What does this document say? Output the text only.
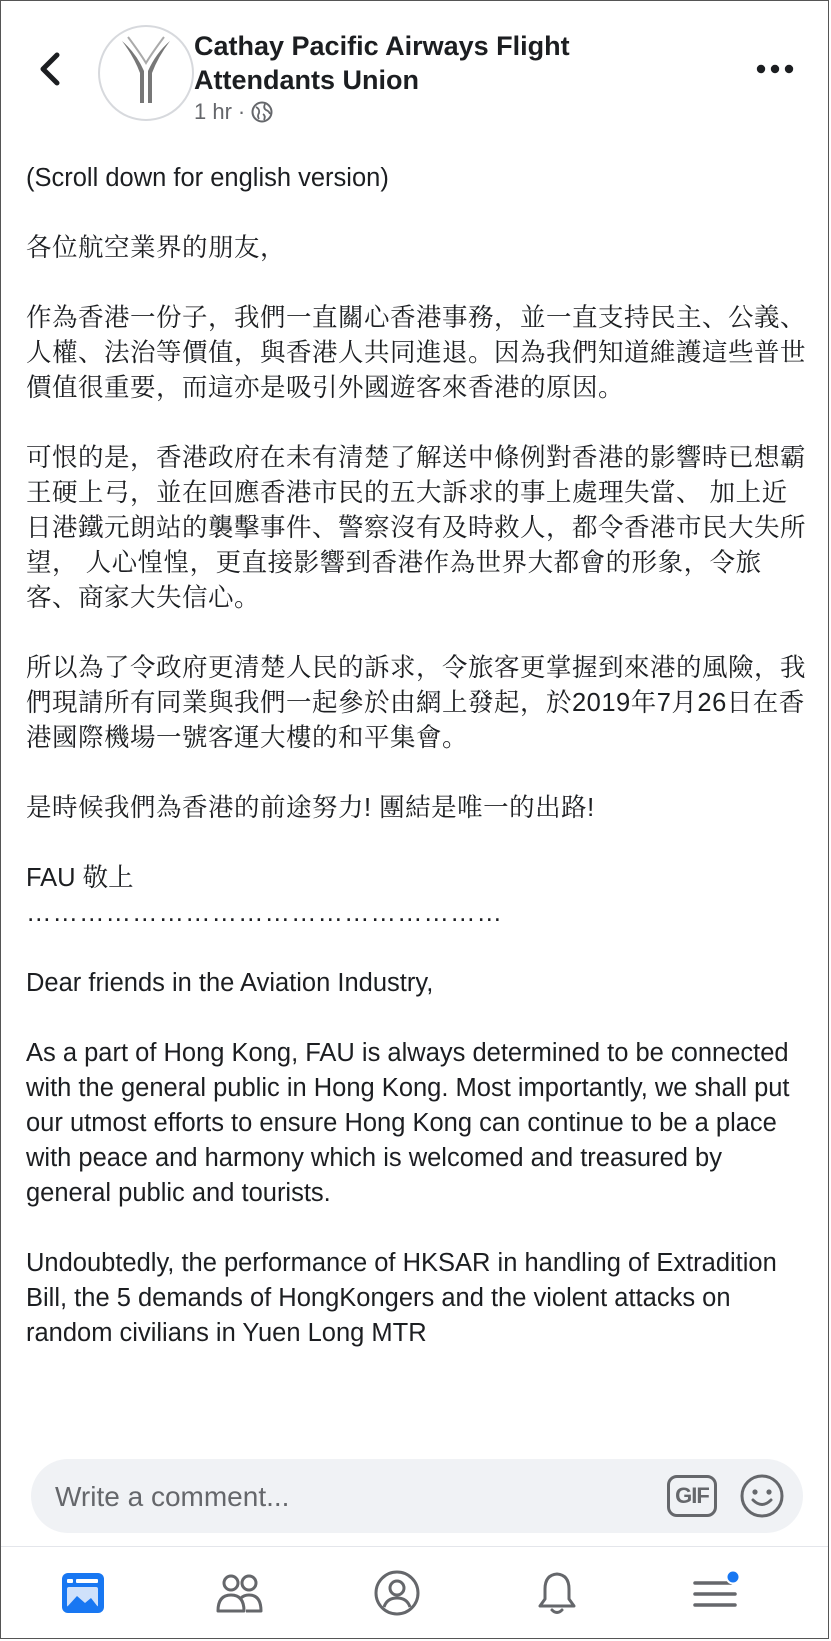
Cathay Pacific Airways Flight Attendants Union
1 hr ·

(Scroll down for english version)

各位航空業界的朋友，

作為香港一份子，我們一直關心香港事務，並一直支持民主、公義、人權、法治等價值，與香港人共同進退。因為我們知道維護這些普世價值很重要，而這亦是吸引外國遊客來香港的原因。

可恨的是，香港政府在未有清楚了解送中條例對香港的影響時已想霸王硬上弓，並在回應香港市民的五大訴求的事上處理失當、 加上近日港鐵元朗站的襲擊事件、警察沒有及時救人，都令香港市民大失所望， 人心惶惶，更直接影響到香港作為世界大都會的形象，令旅客、商家大失信心。

所以為了令政府更清楚人民的訴求，令旅客更掌握到來港的風險，我們現請所有同業與我們一起參於由網上發起，於2019年7月26日在香港國際機場一號客運大樓的和平集會。

是時候我們為香港的前途努力! 團結是唯一的出路!

FAU 敬上

………………………………………………

Dear friends in the Aviation Industry,

As a part of Hong Kong, FAU is always determined to be connected with the general public in Hong Kong. Most importantly, we shall put our utmost efforts to ensure Hong Kong can continue to be a place with peace and harmony which is welcomed and treasured by general public and tourists.

Undoubtedly, the performance of HKSAR in handling of Extradition Bill, the 5 demands of HongKongers and the violent attacks on random civilians in Yuen Long MTR

Write a comment...
GIF
